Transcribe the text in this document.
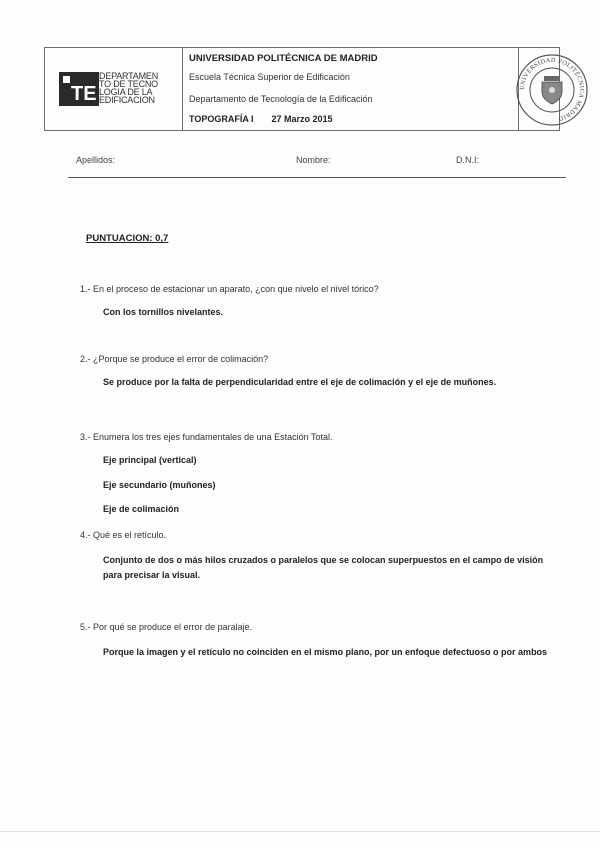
TE
DEPARTAMEN
TO DE TECNO
LOGIA DE LA
EDIFICACION
UNIVERSIDAD POLITÉCNICA DE MADRID
Escuela Técnica Superior de Edificación
Departamento de Tecnología de la Edificación
TOPOGRAFÍA I 27 Marzo 2015
UNIVERSIDAD POLITÉCNICA MADRID
Apellidos:	Nombre:	D.N.I:
PUNTUACION: 0,7
1.- En el proceso de estacionar un aparato, ¿con que nivelo el nivel tórico?
Con los tornillos nivelantes.
2.- ¿Porque se produce el error de colimación?
Se produce por la falta de perpendicularidad entre el eje de colimación y el eje de muñones.
3.- Enumera los tres ejes fundamentales de una Estación Total.
Eje principal (vertical)
Eje secundario (muñones)
Eje de colimación
4.- Qué es el retículo.
Conjunto de dos o más hilos cruzados o paralelos que se colocan superpuestos en el campo de visión para precisar la visual.
5.- Por qué se produce el error de paralaje.
Porque la imagen y el retículo no coinciden en el mismo plano, por un enfoque defectuoso o por ambos
